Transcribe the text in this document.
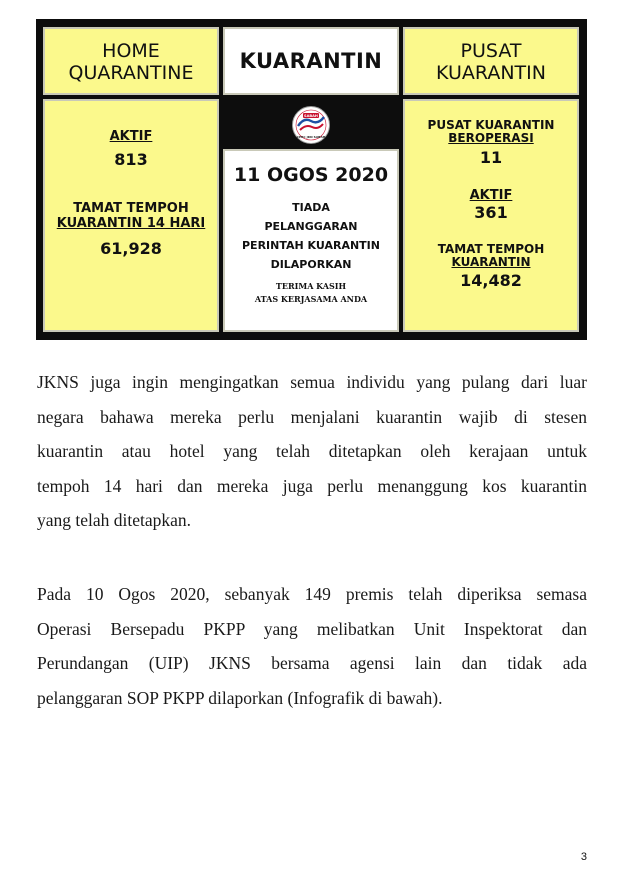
HOME
QUARANTINE	KUARANTIN	PUSAT
KUARANTIN
SABAH
CPRC JKN SABAH
AKTIF
813
TAMAT TEMPOH
KUARANTIN 14 HARI
61,928
11 OGOS 2020
TIADA
PELANGGARAN
PERINTAH KUARANTIN
DILAPORKAN
TERIMA KASIH
ATAS KERJASAMA ANDA
PUSAT KUARANTIN
BEROPERASI
11
AKTIF
361
TAMAT TEMPOH
KUARANTIN
14,482
JKNS juga ingin mengingatkan semua individu yang pulang dari luar
negara bahawa mereka perlu menjalani kuarantin wajib di stesen
kuarantin atau hotel yang telah ditetapkan oleh kerajaan untuk
tempoh 14 hari dan mereka juga perlu menanggung kos kuarantin
yang telah ditetapkan.
Pada 10 Ogos 2020, sebanyak 149 premis telah diperiksa semasa
Operasi Bersepadu PKPP yang melibatkan Unit Inspektorat dan
Perundangan (UIP) JKNS bersama agensi lain dan tidak ada
pelanggaran SOP PKPP dilaporkan (Infografik di bawah).
3
